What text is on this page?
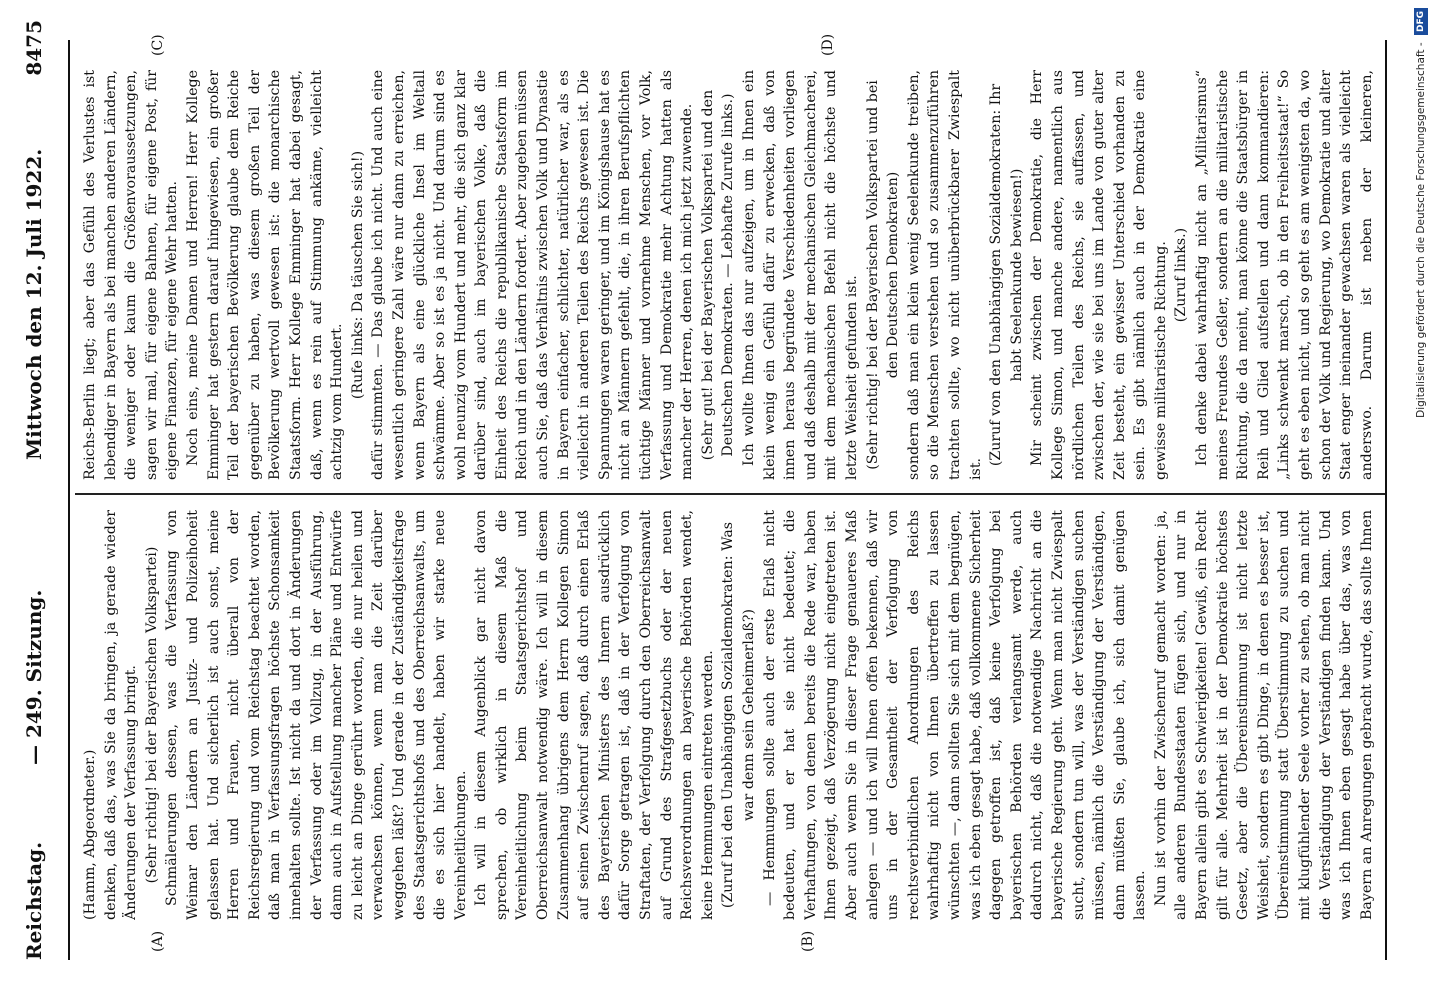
Reichstag.
— 249. Sitzung.
Mittwoch den 12. Juli 1922.
8475
(A)	(B)
(C)	(D)

(Hamm, Abgeordneter.) denken, daß das, was Sie da bringen, ja gerade wieder Änderungen der Verfassung bringt. (Sehr richtig! bei der Bayerischen Volkspartei) Schmälerungen dessen, was die Verfassung von Weimar den Ländern an Justiz- und Polizeihoheit gelassen hat. Und sicherlich ist auch sonst, meine Herren und Frauen, nicht überall von der Reichsregierung und vom Reichstag beachtet worden, daß man in Verfassungsfragen höchste Schonsamkeit innehalten sollte. Ist nicht da und dort in Änderungen der Verfassung oder im Vollzug, in der Ausführung, dann auch in Aufstellung mancher Pläne und Entwürfe zu leicht an Dinge gerührt worden, die nur heilen und verwachsen können, wenn man die Zeit darüber weggehen läßt? Und gerade in der Zuständigkeitsfrage des Staatsgerichtshofs und des Oberreichsanwalts, um die es sich hier handelt, haben wir starke neue Vereinheitlichungen. Ich will in diesem Augenblick gar nicht davon sprechen, ob wirklich in diesem Maß die Vereinheitlichung beim Staatsgerichtshof und Oberreichsanwalt notwendig wäre. Ich will in diesem Zusammenhang übrigens dem Herrn Kollegen Simon auf seinen Zwischenruf sagen, daß durch einen Erlaß des Bayerischen Ministers des Innern ausdrücklich dafür Sorge getragen ist, daß in der Verfolgung von Straftaten, der Verfolgung durch den Oberreichsanwalt auf Grund des Strafgesetzbuchs oder der neuen Reichsverordnungen an bayerische Behörden wendet, keine Hemmungen eintreten werden. (Zuruf bei den Unabhängigen Sozialdemokraten: Was war denn sein Geheimerlaß?) — Hemmungen sollte auch der erste Erlaß nicht bedeuten, und er hat sie nicht bedeutet; die Verhaftungen, von denen bereits die Rede war, haben Ihnen gezeigt, daß Verzögerung nicht eingetreten ist. Aber auch wenn Sie in dieser Frage genaueres Maß anlegen — und ich will Ihnen offen bekennen, daß wir uns in der Gesamtheit der Verfolgung von rechtsverbindlichen Anordnungen des Reichs wahrhaftig nicht von Ihnen übertreffen zu lassen wünschten —, dann sollten Sie sich mit dem begnügen, was ich eben gesagt habe, daß vollkommene Sicherheit dagegen getroffen ist, daß keine Verfolgung bei bayerischen Behörden verlangsamt werde, auch dadurch nicht, daß die notwendige Nachricht an die bayerische Regierung geht. Wenn man nicht Zwiespalt sucht, sondern tun will, was der Verständigen suchen müssen, nämlich die Verständigung der Verständigen, dann müßten Sie, glaube ich, sich damit genügen lassen. Nun ist vorhin der Zwischenruf gemacht worden: ja, alle anderen Bundesstaaten fügen sich, und nur in Bayern allein gibt es Schwierigkeiten! Gewiß, ein Recht gilt für alle. Mehrheit ist in der Demokratie höchstes Gesetz, aber die Übereinstimmung ist nicht letzte Weisheit, sondern es gibt Dinge, in denen es besser ist, Übereinstimmung statt Überstimmung zu suchen und mit klugfühlender Seele vorher zu sehen, ob man nicht die Verständigung der Verständigen finden kann. Und was ich Ihnen eben gesagt habe über das, was von Bayern an Anregungen gebracht wurde, das sollte Ihnen

Reichs-Berlin liegt; aber das Gefühl des Verlustes ist lebendiger in Bayern als bei manchen anderen Ländern, die weniger oder kaum die Größenvoraussetzungen, sagen wir mal, für eigene Bahnen, für eigene Post, für eigene Finanzen, für eigene Wehr hatten. Noch eins, meine Damen und Herren! Herr Kollege Emminger hat gestern darauf hingewiesen, ein großer Teil der bayerischen Bevölkerung glaube dem Reiche gegenüber zu haben, was diesem großen Teil der Bevölkerung wertvoll gewesen ist: die monarchische Staatsform. Herr Kollege Emminger hat dabei gesagt, daß, wenn es rein auf Stimmung ankäme, vielleicht achtzig vom Hundert.

(Rufe links: Da täuschen Sie sich!) dafür stimmten. — Das glaube ich nicht. Und auch eine wesentlich geringere Zahl wäre nur dann zu erreichen, wenn Bayern als eine glückliche Insel im Weltall schwämme. Aber so ist es ja nicht. Und darum sind es wohl neunzig vom Hundert und mehr, die sich ganz klar darüber sind, auch im bayerischen Volke, daß die Einheit des Reichs die republikanische Staatsform im Reich und in den Ländern fordert. Aber zugeben müssen auch Sie, daß das Verhältnis zwischen Volk und Dynastie in Bayern einfacher, schlichter, natürlicher war, als es vielleicht in anderen Teilen des Reichs gewesen ist. Die Spannungen waren geringer, und im Königshause hat es nicht an Männern gefehlt, die, in ihren Berufspflichten tüchtige Männer und vornehme Menschen, vor Volk, Verfassung und Demokratie mehr Achtung hatten als mancher der Herren, denen ich mich jetzt zuwende. (Sehr gut! bei der Bayerischen Volkspartei und den Deutschen Demokraten. — Lebhafte Zurufe links.) Ich wollte Ihnen das nur aufzeigen, um in Ihnen ein klein wenig ein Gefühl dafür zu erwecken, daß von innen heraus begründete Verschiedenheiten vorliegen und daß deshalb mit der mechanischen Gleichmacherei, mit dem mechanischen Befehl nicht die höchste und letzte Weisheit gefunden ist. (Sehr richtig! bei der Bayerischen Volkspartei und bei den Deutschen Demokraten) sondern daß man ein klein wenig Seelenkunde treiben, so die Menschen verstehen und so zusammenzuführen trachten sollte, wo nicht unüberbrückbarer Zwiespalt ist.

(Zuruf von den Unabhängigen Sozialdemokraten: Ihr habt Seelenkunde bewiesen!) Mir scheint zwischen der Demokratie, die Herr Kollege Simon, und manche andere, namentlich aus nördlichen Teilen des Reichs, sie auffassen, und zwischen der, wie sie bei uns im Lande von guter alter Zeit besteht, ein gewisser Unterschied vorhanden zu sein. Es gibt nämlich auch in der Demokratie eine gewisse militaristische Richtung. (Zuruf links.)

Ich denke dabei wahrhaftig nicht an „Militarismus“ meines Freundes Geßler, sondern an die militaristische Richtung, die da meint, man könne die Staatsbürger in Reih und Glied aufstellen und dann kommandieren: „Links schwenkt marsch, ob in den Freiheitsstaat!“ So geht es eben nicht, und so geht es am wenigsten da, wo schon der Volk und Regierung, wo Demokratie und alter Staat enger ineinander gewachsen waren als vielleicht anderswo. Darum ist neben der kleineren,	Digitalisierung gefördert durch die Deutsche Forschungsgemeinschaft - DFG
